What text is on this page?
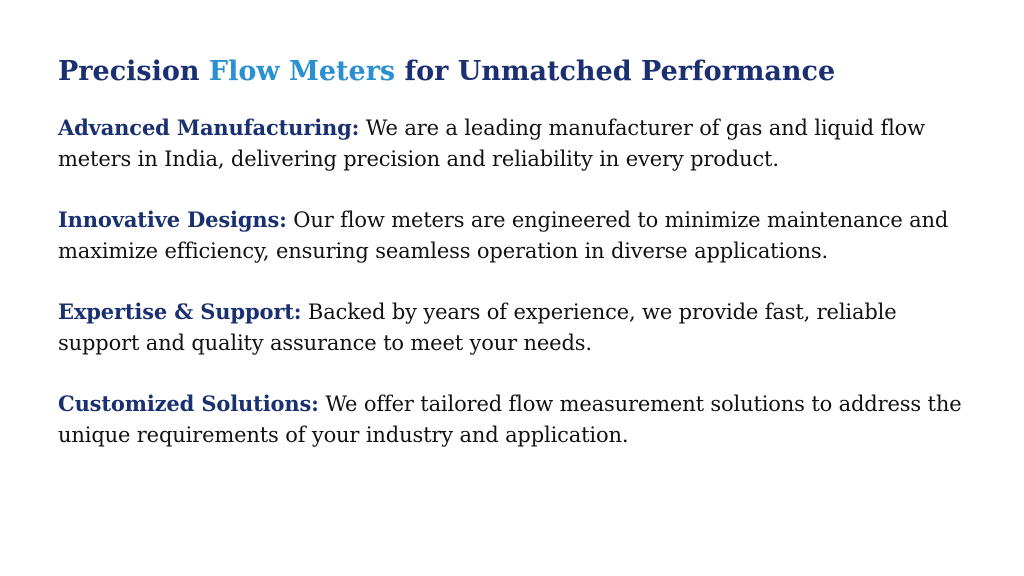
Precision Flow Meters for Unmatched Performance

Advanced Manufacturing: We are a leading manufacturer of gas and liquid flow meters in India, delivering precision and reliability in every product.

Innovative Designs: Our flow meters are engineered to minimize maintenance and maximize efficiency, ensuring seamless operation in diverse applications.

Expertise & Support: Backed by years of experience, we provide fast, reliable support and quality assurance to meet your needs.

Customized Solutions: We offer tailored flow measurement solutions to address the unique requirements of your industry and application.
